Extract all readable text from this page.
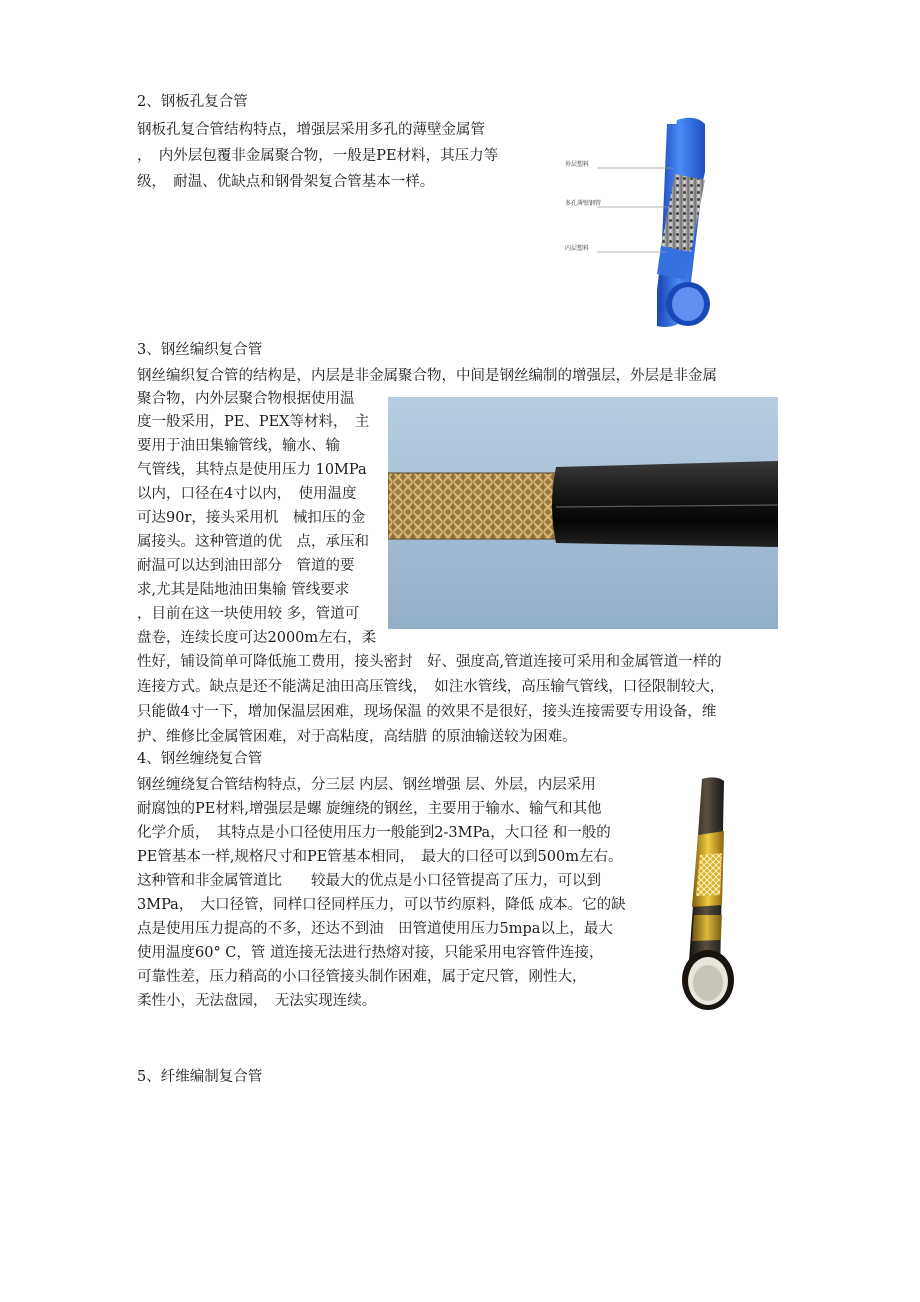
2、钢板孔复合管
钢板孔复合管结构特点，增强层采用多孔的薄壁金属管
，　内外层包覆非金属聚合物，一般是PE材料，其压力等
级，　耐温、优缺点和钢骨架复合管基本一样。
外层塑料
多孔薄壁钢管
内层塑料
3、钢丝编织复合管
钢丝编织复合管的结构是，内层是非金属聚合物，中间是钢丝编制的增强层，外层是非金属
聚合物，内外层聚合物根据使用温
度一般采用，PE、PEX等材料，　主
要用于油田集输管线，输水、输
气管线，其特点是使用压力 10MPa
以内，口径在4寸以内，　使用温度
可达90r，接头采用机　械扣压的金
属接头。这种管道的优　点，承压和
耐温可以达到油田部分　管道的要
求,尤其是陆地油田集输 管线要求
，目前在这一块使用较 多，管道可
盘卷，连续长度可达2000m左右，柔
性好，铺设简单可降低施工费用，接头密封　好、强度高,管道连接可采用和金属管道一样的
连接方式。缺点是还不能满足油田高压管线，　如注水管线，高压输气管线，口径限制较大，
只能做4寸一下，增加保温层困难，现场保温 的效果不是很好，接头连接需要专用设备，维
护、维修比金属管困难，对于高粘度，高结腊 的原油输送较为困难。
4、钢丝缠绕复合管
钢丝缠绕复合管结构特点，分三层 内层、钢丝增强 层、外层，内层采用
耐腐蚀的PE材料,增强层是螺 旋缠绕的钢丝，主要用于输水、输气和其他
化学介质，　其特点是小口径使用压力一般能到2-3MPa，大口径 和一般的
PE管基本一样,规格尺寸和PE管基本相同，　最大的口径可以到500m左右。
这种管和非金属管道比　　较最大的优点是小口径管提高了压力，可以到
3MPa，　大口径管，同样口径同样压力，可以节约原料，降低 成本。它的缺
点是使用压力提高的不多，还达不到油　田管道使用压力5mpa以上，最大
使用温度60° C，管 道连接无法进行热熔对接，只能采用电容管件连接，
可靠性差，压力稍高的小口径管接头制作困难，属于定尺管，刚性大，
柔性小，无法盘园，　无法实现连续。
5、纤维编制复合管
